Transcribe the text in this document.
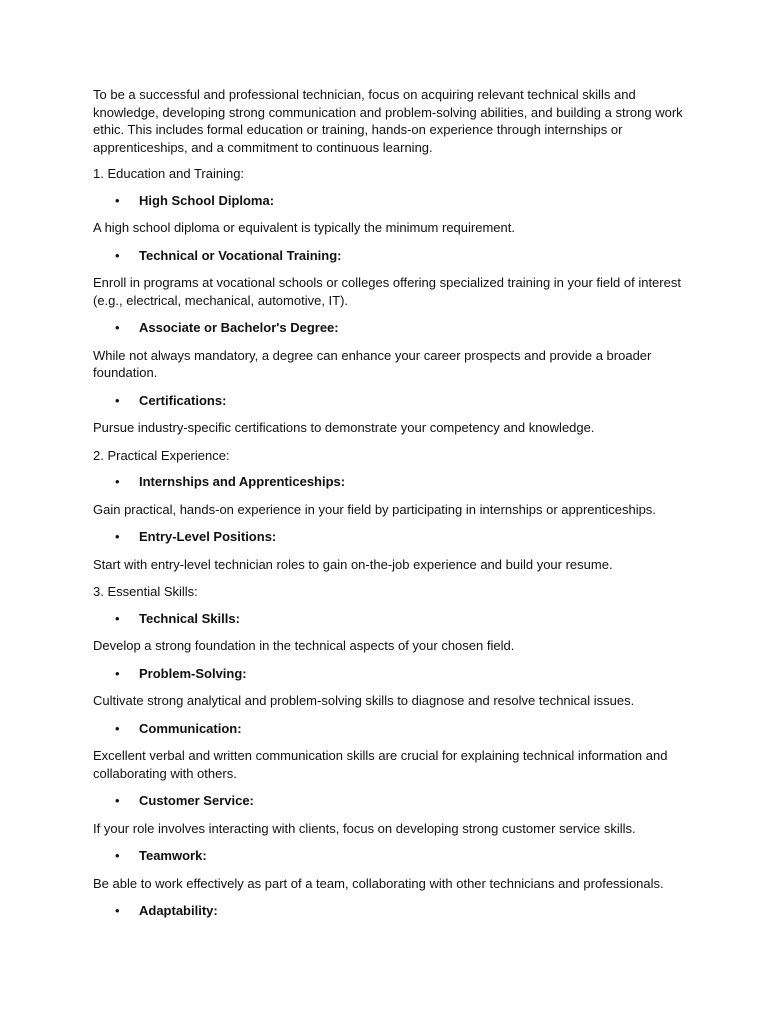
To be a successful and professional technician, focus on acquiring relevant technical skills and knowledge, developing strong communication and problem-solving abilities, and building a strong work ethic. This includes formal education or training, hands-on experience through internships or apprenticeships, and a commitment to continuous learning.

1. Education and Training:

• High School Diploma:

A high school diploma or equivalent is typically the minimum requirement.

• Technical or Vocational Training:

Enroll in programs at vocational schools or colleges offering specialized training in your field of interest (e.g., electrical, mechanical, automotive, IT).

• Associate or Bachelor's Degree:

While not always mandatory, a degree can enhance your career prospects and provide a broader foundation.

• Certifications:

Pursue industry-specific certifications to demonstrate your competency and knowledge.

2. Practical Experience:

• Internships and Apprenticeships:

Gain practical, hands-on experience in your field by participating in internships or apprenticeships.

• Entry-Level Positions:

Start with entry-level technician roles to gain on-the-job experience and build your resume.

3. Essential Skills:

• Technical Skills:

Develop a strong foundation in the technical aspects of your chosen field.

• Problem-Solving:

Cultivate strong analytical and problem-solving skills to diagnose and resolve technical issues.

• Communication:

Excellent verbal and written communication skills are crucial for explaining technical information and collaborating with others.

• Customer Service:

If your role involves interacting with clients, focus on developing strong customer service skills.

• Teamwork:

Be able to work effectively as part of a team, collaborating with other technicians and professionals.

• Adaptability:
